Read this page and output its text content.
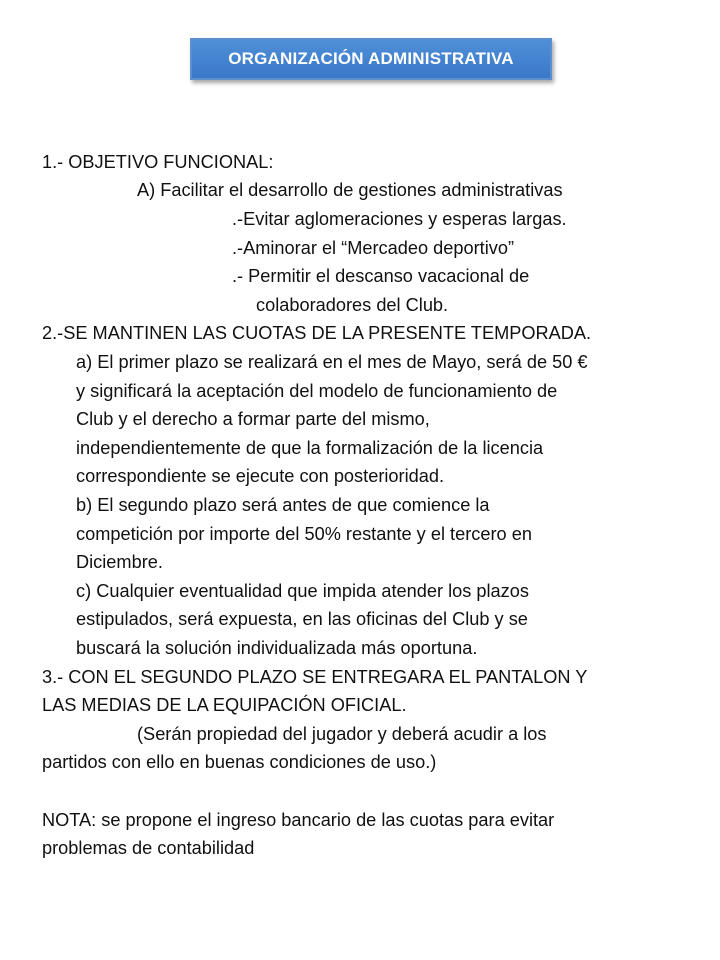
ORGANIZACIÓN ADMINISTRATIVA
1.- OBJETIVO FUNCIONAL:
A) Facilitar el desarrollo de gestiones administrativas
.-Evitar aglomeraciones y esperas largas.
.-Aminorar el “Mercadeo deportivo”
.- Permitir el descanso vacacional de
colaboradores del Club.
2.-SE MANTINEN LAS CUOTAS DE LA PRESENTE TEMPORADA.
a) El primer plazo se realizará en el mes de Mayo, será de 50 €
y significará la aceptación del modelo de funcionamiento de
Club y el derecho a formar parte del mismo,
independientemente de que la formalización de la licencia
correspondiente se ejecute con posterioridad.
b) El segundo plazo será antes de que comience la
competición por importe del 50% restante y el tercero en
Diciembre.
c) Cualquier eventualidad que impida atender los plazos
estipulados, será expuesta, en las oficinas del Club y se
buscará la solución individualizada más oportuna.
3.- CON EL SEGUNDO PLAZO SE ENTREGARA EL PANTALON Y
LAS MEDIAS DE LA EQUIPACIÓN OFICIAL.
(Serán propiedad del jugador y deberá acudir a los
partidos con ello en buenas condiciones de uso.)
NOTA: se propone el ingreso bancario de las cuotas para evitar
problemas de contabilidad
